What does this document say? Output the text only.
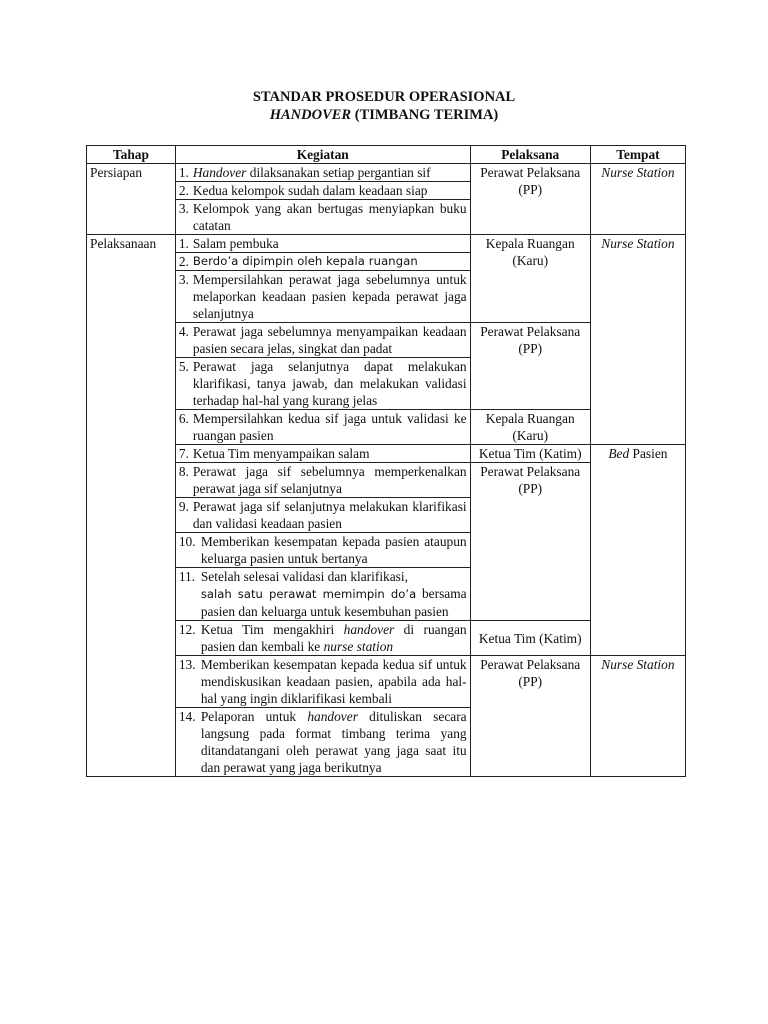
STANDAR PROSEDUR OPERASIONAL
HANDOVER (TIMBANG TERIMA)
Tahap	Kegiatan	Pelaksana	Tempat
Persiapan	1. Handover dilaksanakan setiap pergantian sif	Perawat Pelaksana (PP)	Nurse Station

	2. Kedua kelompok sudah dalam keadaan siap		

	3. Kelompok yang akan bertugas menyiapkan buku catatan		

Pelaksanaan	1. Salam pembuka	Kepala Ruangan (Karu)	Nurse Station

	2. Berdo’a dipimpin oleh kepala ruangan		

	3. Mempersilahkan perawat jaga sebelumnya untuk melaporkan keadaan pasien kepada perawat jaga selanjutnya		

	4. Perawat jaga sebelumnya menyampaikan keadaan pasien secara jelas, singkat dan padat	Perawat Pelaksana (PP)	

	5. Perawat jaga selanjutnya dapat melakukan klarifikasi, tanya jawab, dan melakukan validasi terhadap hal-hal yang kurang jelas		

	6. Mempersilahkan kedua sif jaga untuk validasi ke ruangan pasien	Kepala Ruangan (Karu)	

	7. Ketua Tim menyampaikan salam	Ketua Tim (Katim)	Bed Pasien

	8. Perawat jaga sif sebelumnya memperkenalkan perawat jaga sif selanjutnya	Perawat Pelaksana (PP)	

	9. Perawat jaga sif selanjutnya melakukan klarifikasi dan validasi keadaan pasien		

	10. Memberikan kesempatan kepada pasien ataupun keluarga pasien untuk bertanya		

	11. Setelah selesai validasi dan klarifikasi,
salah satu perawat memimpin do’a bersama pasien dan keluarga untuk kesembuhan pasien		

	12. Ketua Tim mengakhiri handover di ruangan pasien dan kembali ke nurse station	Ketua Tim (Katim)	

	13. Memberikan kesempatan kepada kedua sif untuk mendiskusikan keadaan pasien, apabila ada hal-hal yang ingin diklarifikasi kembali	Perawat Pelaksana (PP)	Nurse Station

	14. Pelaporan untuk handover dituliskan secara langsung pada format timbang terima yang ditandatangani oleh perawat yang jaga saat itu dan perawat yang jaga berikutnya		
